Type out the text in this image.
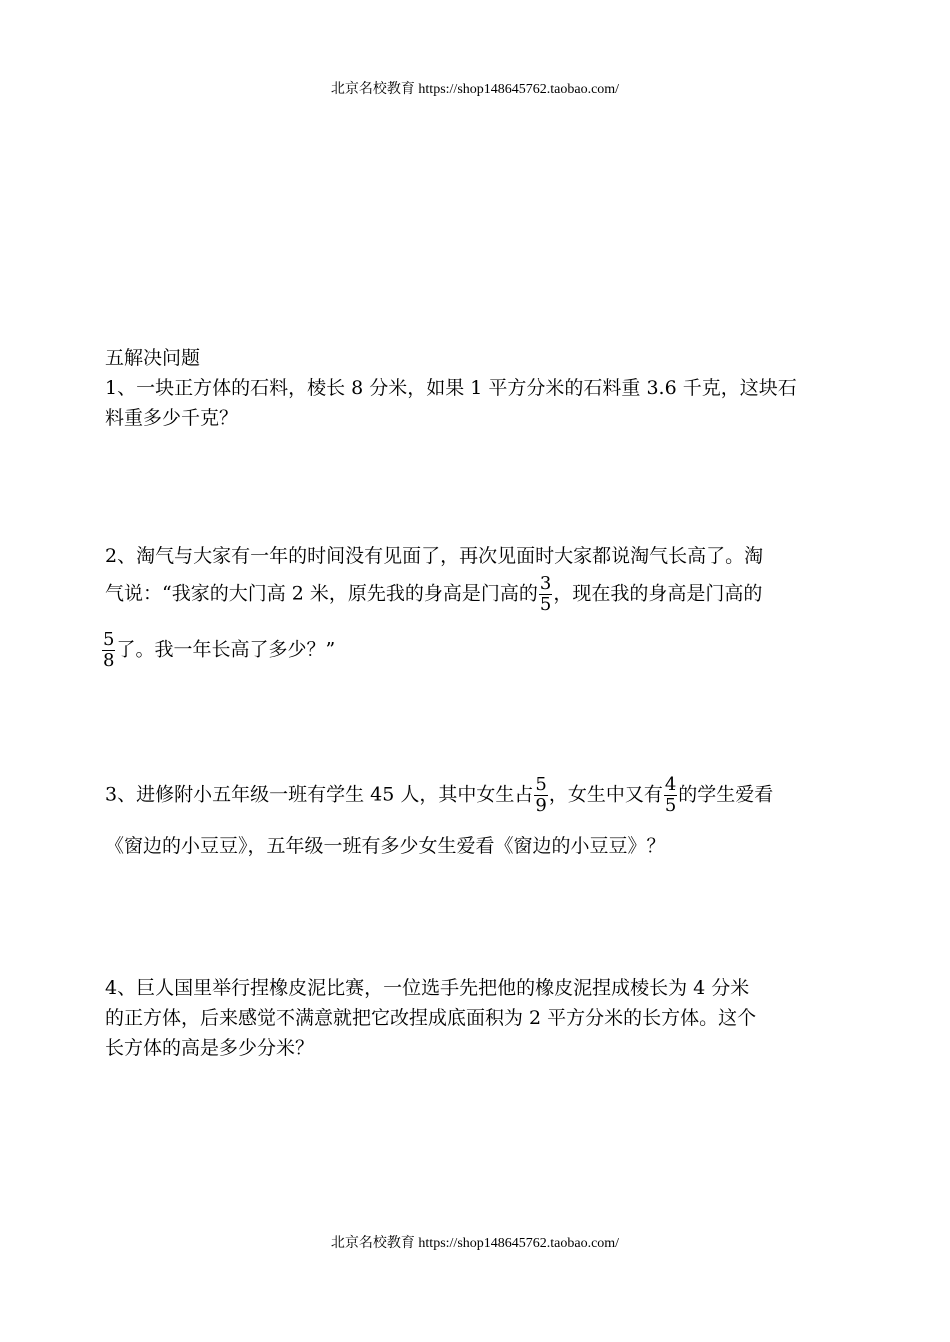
北京名校教育 https://shop148645762.taobao.com/
五解决问题
1、一块正方体的石料，棱长 8 分米，如果 1 平方分米的石料重 3.6 千克，这块石
料重多少千克？
2、淘气与大家有一年的时间没有见面了，再次见面时大家都说淘气长高了。淘
气说：“我家的大门高 2 米，原先我的身高是门高的 $\frac{3}{5}$ ，现在我的身高是门高的
$\frac{5}{8}$ 了。我一年长高了多少？”
3、进修附小五年级一班有学生 45 人，其中女生占 $\frac{5}{9}$ ，女生中又有 $\frac{4}{5}$ 的学生爱看
《窗边的小豆豆》，五年级一班有多少女生爱看《窗边的小豆豆》？
4、巨人国里举行捏橡皮泥比赛，一位选手先把他的橡皮泥捏成棱长为 4 分米
的正方体，后来感觉不满意就把它改捏成底面积为 2 平方分米的长方体。这个
长方体的高是多少分米？
北京名校教育 https://shop148645762.taobao.com/
